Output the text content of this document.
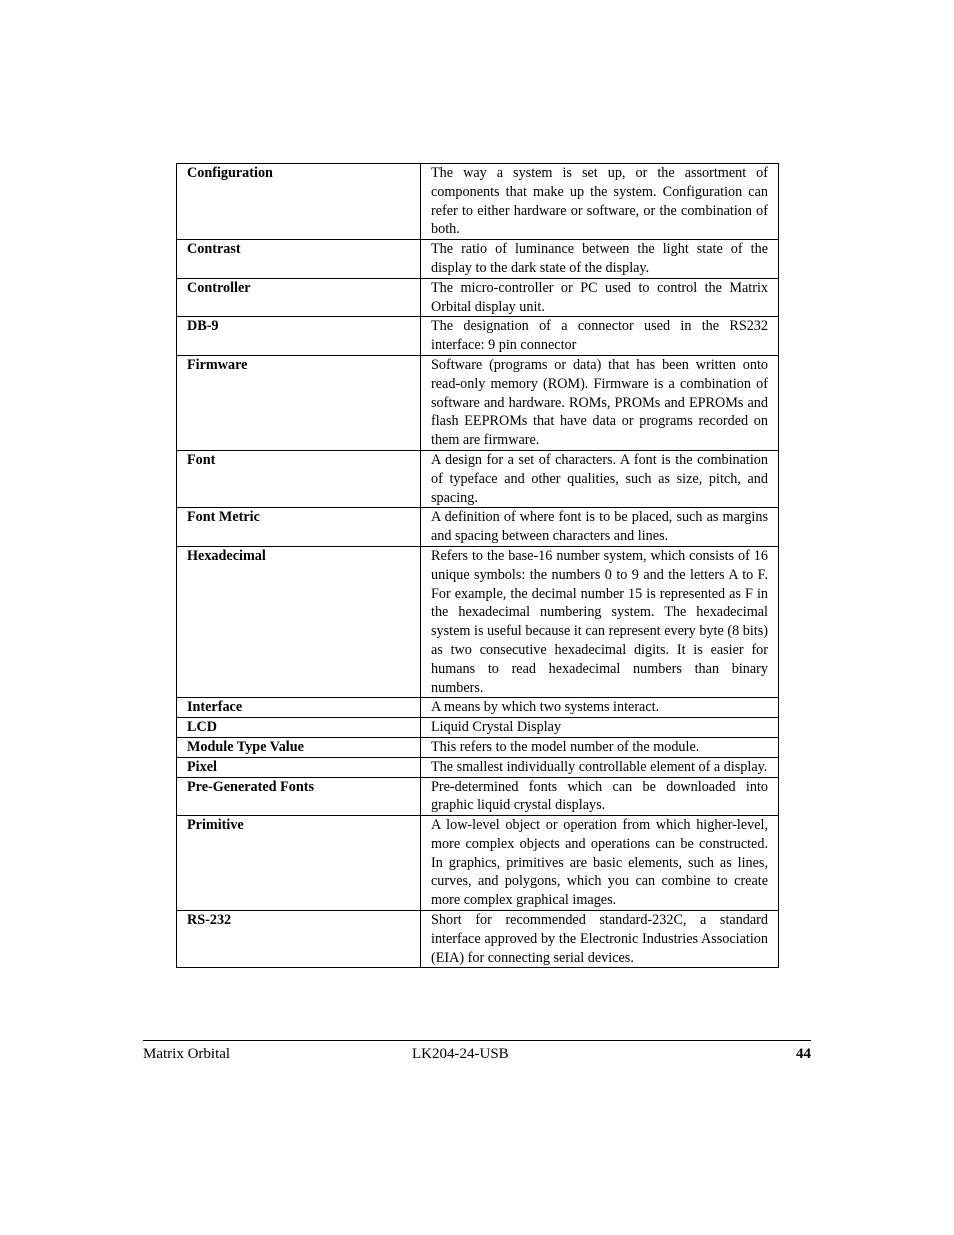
Configuration	The way a system is set up, or the assortment of components that make up the system. Configuration can refer to either hardware or software, or the combination of both.
Contrast	The ratio of luminance between the light state of the display to the dark state of the display.
Controller	The micro-controller or PC used to control the Matrix Orbital display unit.
DB-9	The designation of a connector used in the RS232 interface: 9 pin connector
Firmware	Software (programs or data) that has been written onto read-only memory (ROM). Firmware is a combination of software and hardware. ROMs, PROMs and EPROMs and flash EEPROMs that have data or programs recorded on them are firmware.
Font	A design for a set of characters. A font is the combination of typeface and other qualities, such as size, pitch, and spacing.
Font Metric	A definition of where font is to be placed, such as margins and spacing between characters and lines.
Hexadecimal	Refers to the base-16 number system, which consists of 16 unique symbols: the numbers 0 to 9 and the letters A to F. For example, the decimal number 15 is represented as F in the hexadecimal numbering system. The hexadecimal system is useful because it can represent every byte (8 bits) as two consecutive hexadecimal digits. It is easier for humans to read hexadecimal numbers than binary numbers.
Interface	A means by which two systems interact.
LCD	Liquid Crystal Display
Module Type Value	This refers to the model number of the module.
Pixel	The smallest individually controllable element of a display.
Pre-Generated Fonts	Pre-determined fonts which can be downloaded into graphic liquid crystal displays.
Primitive	A low-level object or operation from which higher-level, more complex objects and operations can be constructed. In graphics, primitives are basic elements, such as lines, curves, and polygons, which you can combine to create more complex graphical images.
RS-232	Short for recommended standard-232C, a standard interface approved by the Electronic Industries Association (EIA) for connecting serial devices.
Matrix Orbital	LK204-24-USB	44
